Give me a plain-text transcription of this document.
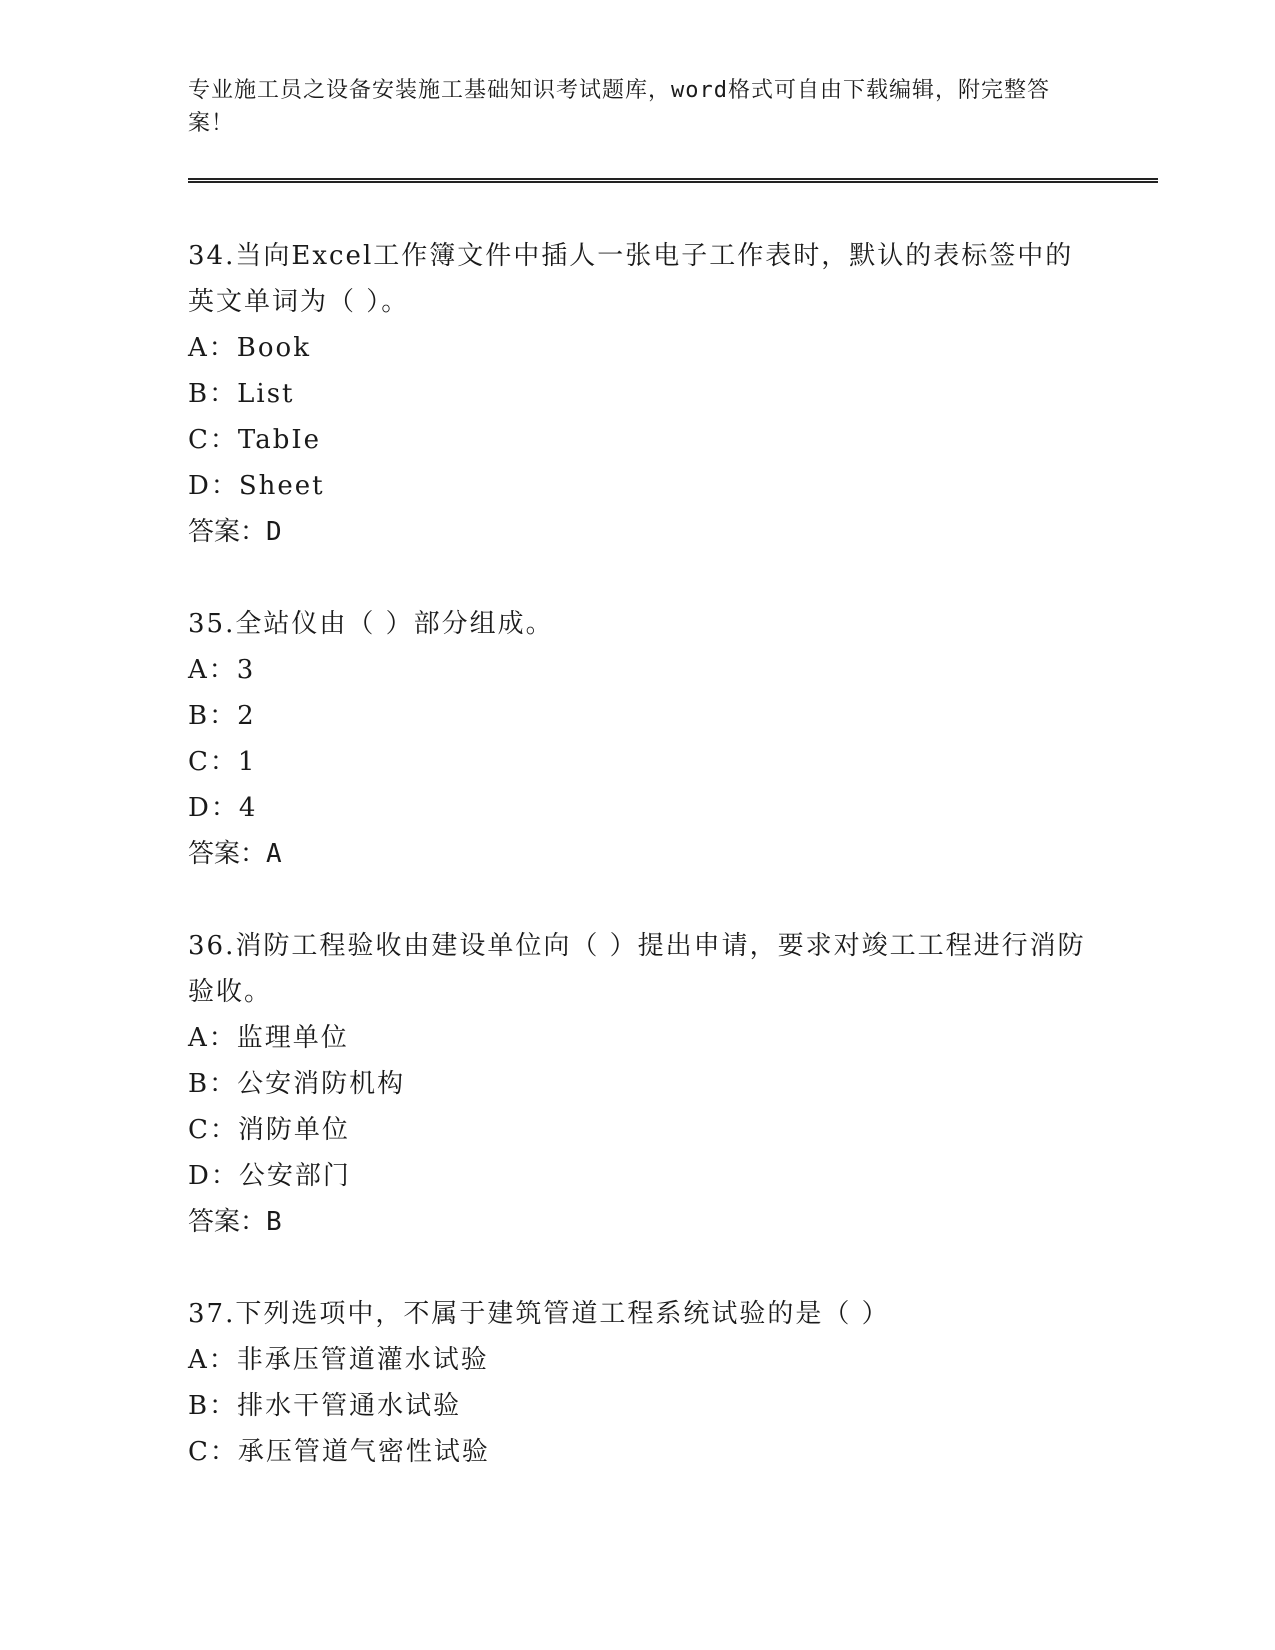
专业施工员之设备安装施工基础知识考试题库，word格式可自由下载编辑，附完整答案！
34.当向Excel工作簿文件中插人一张电子工作表时，默认的表标签中的英文单词为（ ）。
A：Book
B：List
C：TabIe
D：Sheet
答案：D
35.全站仪由（ ）部分组成。
A：3
B：2
C：1
D：4
答案：A
36.消防工程验收由建设单位向（ ）提出申请，要求对竣工工程进行消防验收。
A：监理单位
B：公安消防机构
C：消防单位
D：公安部门
答案：B
37.下列选项中，不属于建筑管道工程系统试验的是（ ）
A：非承压管道灌水试验
B：排水干管通水试验
C：承压管道气密性试验
